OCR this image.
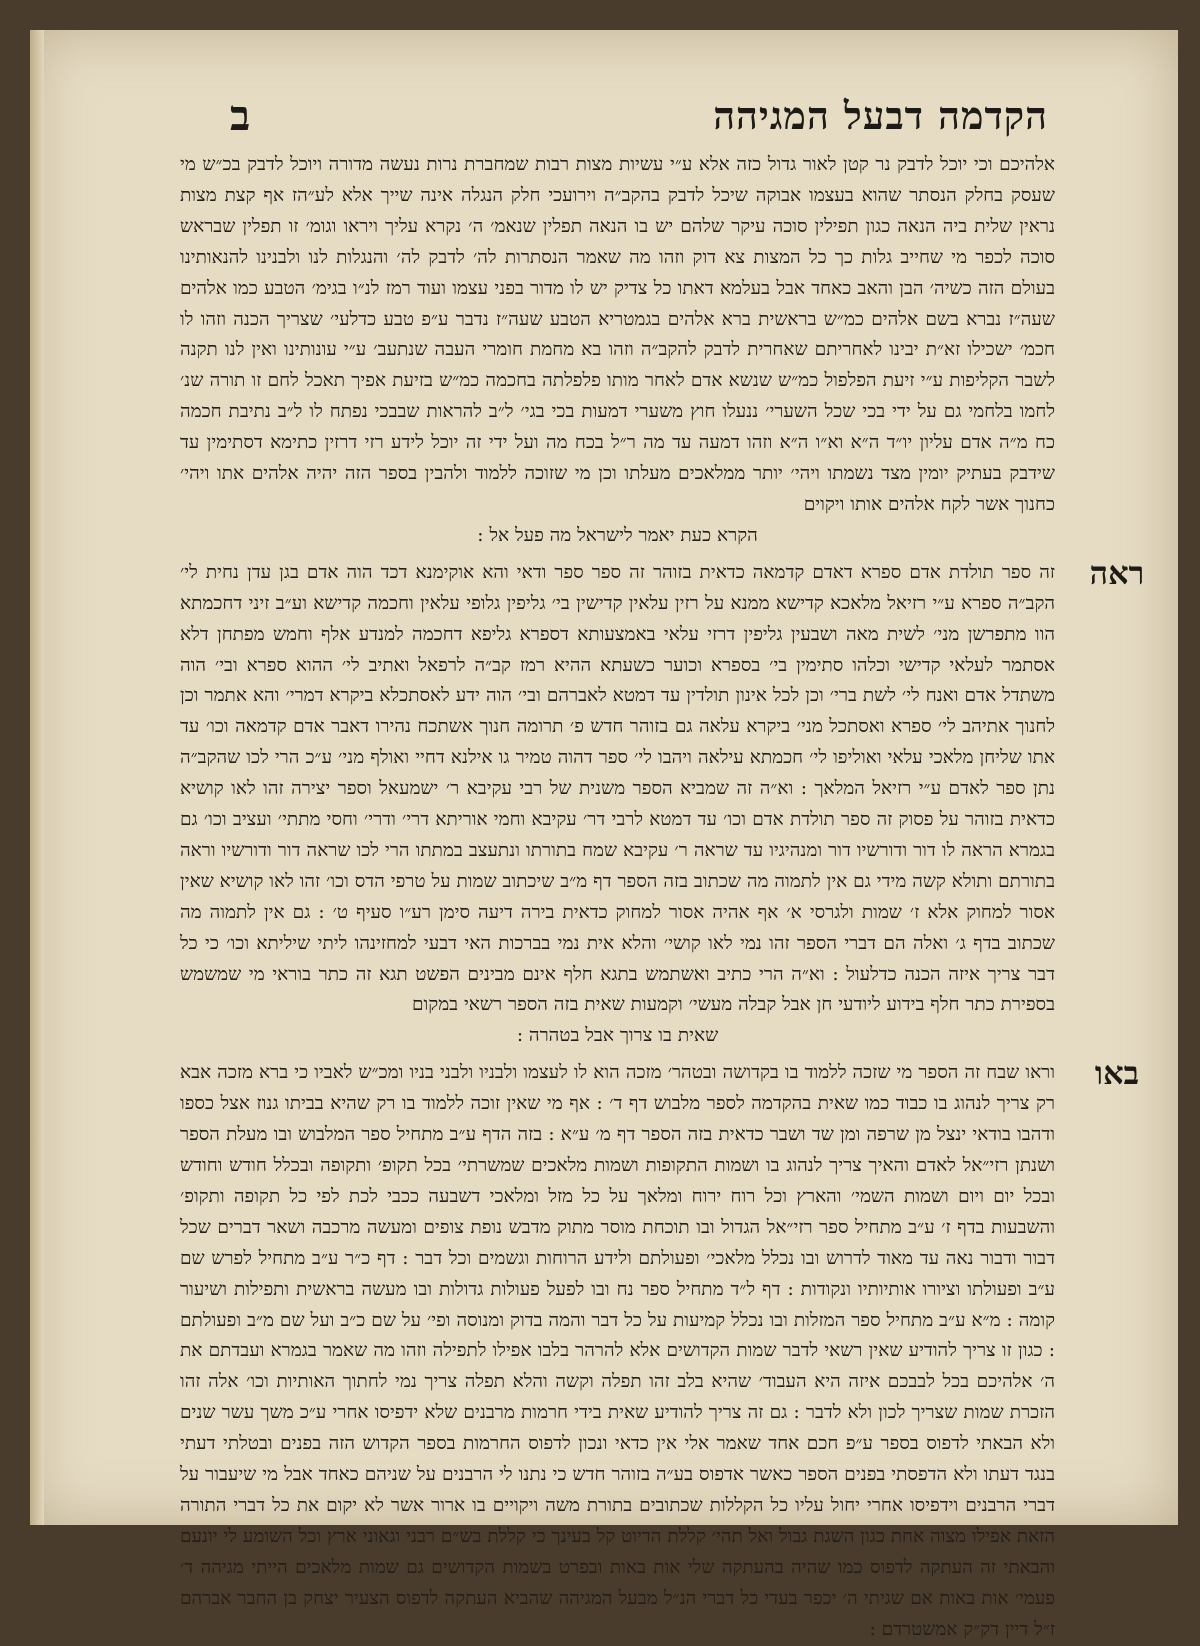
הקדמה דבעל המגיהה
ב

אלהיכם וכי יוכל לדבק נר קטן לאור גדול כזה אלא ע״י עשיות מצות רבות שמחברת נרות נעשה מדורה ויוכל לדבק בכ״ש מי שעסק בחלק הנסתר שהוא בעצמו אבוקה שיכל לדבק בהקב״ה וירועכי חלק הנגלה אינה שייך אלא לע״הז אף קצת מצות נראין שלית ביה הנאה כגון תפילין סוכה עיקר שלהם יש בו הנאה תפלין שנאמ׳ ה׳ נקרא עליך ויראו וגומ׳ זו תפלין שבראש סוכה לכפר מי שחייב גלות כך כל המצות צא דוק וזהו מה שאמר הנסתרות לה׳ לדבק לה׳ והנגלות לנו ולבנינו להנאותינו בעולם הזה כשיה׳ הבן והאב כאחד אבל בעלמא דאתו כל צדיק יש לו מדור בפני עצמו ועוד רמז לנ״ו בגימ׳ הטבע כמו אלהים שעה״ז נברא בשם אלהים כמ״ש בראשית ברא אלהים בגמטריא הטבע שעה״ז נדבר ע״פ טבע כדלעי׳ שצריך הכנה וזהו לו חכמ׳ ישכילו זא״ת יבינו לאחריתם שאחרית לדבק להקב״ה וזהו בא מחמת חומרי העבה שנתעב׳ ע״י עונותינו ואין לנו תקנה לשבר הקליפות ע״י זיעת הפלפול כמ״ש שנשא אדם לאחר מותו פלפלתה בחכמה כמ״ש בזיעת אפיך תאכל לחם זו תורה שנ׳ לחמו בלחמי גם על ידי בכי שכל השערי׳ ננעלו חוץ משערי דמעות בכי בגי׳ ל״ב להראות שבבכי נפתח לו ל״ב נתיבת חכמה כח מ״ה אדם עליון יו״ד ה״א וא״ו ה״א וזהו דמעה עד מה ר״ל בכח מה ועל ידי זה יוכל לידע רזי דרזין כתימא דסתימין עד שידבק בעתיק יומין מצד נשמתו ויהי׳ יותר ממלאכים מעלתו וכן מי שזוכה ללמוד ולהבין בספר הזה יהיה אלהים אתו ויהי׳ כחנוך אשר לקח אלהים אותו ויקוים

הקרא כעת יאמר לישראל מה פעל אל :

ראה

זה ספר תולדת אדם ספרא דאדם קדמאה כדאית בזוהר זה ספר ספר ודאי והא אוקימנא דכד הוה אדם בגן עדן נחית לי׳ הקב״ה ספרא ע״י רזיאל מלאכא קדישא ממנא על רזין עלאין קדישין בי׳ גליפין גלופי עלאין וחכמה קדישא וע״ב זיני דחכמתא הוו מתפרשן מני׳ לשית מאה ושבעין גליפין דרזי עלאי באמצעותא דספרא גליפא דחכמה למנדע אלף וחמש מפתחן דלא אסתמר לעלאי קדישי וכלהו סתימין בי׳ בספרא וכוער כשעתא ההיא רמז קב״ה לרפאל ואתיב לי׳ ההוא ספרא ובי׳ הוה משתדל אדם ואנח לי׳ לשת ברי׳ וכן לכל אינון תולדין עד דמטא לאברהם ובי׳ הוה ידע לאסתכלא ביקרא דמרי׳ והא אתמר וכן לחנוך אתיהב לי׳ ספרא ואסתכל מני׳ ביקרא עלאה גם בזוהר חדש פ׳ תרומה חנוך אשתכח נהירו דאבר אדם קדמאה וכו׳ עד אתו שליחן מלאכי עלאי ואוליפו לי׳ חכמתא עילאה ויהבו לי׳ ספר דהוה טמיר גו אילנא דחיי ואולף מני׳ ע״כ הרי לכו שהקב״ה נתן ספר לאדם ע״י רזיאל המלאך : וא״ה זה שמביא הספר משנית של רבי עקיבא ר׳ ישמעאל וספר יצירה זהו לאו קושיא כדאית בזוהר על פסוק זה ספר תולדת אדם וכו׳ עד דמטא לרבי דר׳ עקיבא וחמי אוריתא דרי׳ ודרי׳ וחסי מתתי׳ ועציב וכו׳ גם בגמרא הראה לו דור ודורשיו דור ומנהיגיו עד שראה ר׳ עקיבא שמח בתורתו ונתעצב במתתו הרי לכו שראה דור ודורשיו וראה בתורתם ותולא קשה מידי גם אין לתמוה מה שכתוב בזה הספר דף מ״ב שיכתוב שמות על טרפי הדס וכו׳ זהו לאו קושיא שאין אסור למחוק אלא ז׳ שמות ולגרסי א׳ אף אהיה אסור למחוק כדאית בירה דיעה סימן רע״ו סעיף ט׳ : גם אין לתמוה מה שכתוב בדף ג׳ ואלה הם דברי הספר זהו נמי לאו קושי׳ והלא אית נמי בברכות האי דבעי למחזינהו ליתי שיליתא וכו׳ כי כל דבר צריך איזה הכנה כדלעול : וא״ה הרי כתיב ואשתמש בתגא חלף אינם מבינים הפשט תגא זה כתר בוראי מי שמשמש בספירת כתר חלף בידוע ליודעי חן אבל קבלה מעשי׳ וקמעות שאית בזה הספר רשאי במקום

שאית בו צרוך אבל בטהרה :

באו

וראו שבח זה הספר מי שזכה ללמוד בו בקדושה ובטהר׳ מזכה הוא לו לעצמו ולבניו ולבני בניו ומכ״ש לאביו כי ברא מזכה אבא רק צריך לנהוג בו כבוד כמו שאית בהקדמה לספר מלבוש דף ד׳ : אף מי שאין זוכה ללמוד בו רק שהיא בביתו גנוז אצל כספו ודהבו בודאי ינצל מן שרפה ומן שד ושבר כדאית בזה הספר דף מ׳ ע״א : בזה הדף ע״ב מתחיל ספר המלבוש ובו מעלת הספר ושנתן רזי״אל לאדם והאיך צריך לנהוג בו ושמות התקופות ושמות מלאכים שמשרתי׳ בכל תקופ׳ ותקופה ובכלל חודש וחודש ובכל יום ויום ושמות השמי׳ והארץ וכל רוח ירוח ומלאך על כל מזל ומלאכי דשבעה ככבי לכת לפי כל תקופה ותקופ׳ והשבעות בדף ז׳ ע״ב מתחיל ספר רזי״אל הגדול ובו תוכחת מוסר מתוק מדבש נופת צופים ומעשה מרכבה ושאר דברים שכל דבור ודבור נאה עד מאוד לדרוש ובו נכלל מלאכי׳ ופעולתם ולידע הרוחות וגשמים וכל דבר : דף כ״ר ע״ב מתחיל לפרש שם ע״ב ופעולתו וציורו אותיותיו ונקודות : דף ל״ד מתחיל ספר נח ובו לפעל פעולות גדולות ובו מעשה בראשית ותפילות ושיעור קומה : מ״א ע״ב מתחיל ספר המזלות ובו נכלל קמיעות על כל דבר והמה בדוק ומנוסה ופי׳ על שם כ״ב ועל שם מ״ב ופעולתם : כגון זו צריך להודיע שאין רשאי לדבר שמות הקדושים אלא להרהר בלבו אפילו לתפילה וזהו מה שאמר בגמרא ועבדתם את ה׳ אלהיכם בכל לבבכם איזה היא העבוד׳ שהיא בלב זהו תפלה וקשה והלא תפלה צריך נמי לחתוך האותיות וכו׳ אלה זהו הזכרת שמות שצריך לכון ולא לדבר : גם זה צריך להודיע שאית בידי חרמות מרבנים שלא ידפיסו אחרי ע״כ משך עשר שנים ולא הבאתי לדפוס בספר ע״פ חכם אחד שאמר אלי אין כדאי ונכון לדפוס החרמות בספר הקדוש הזה בפנים ובטלתי דעתי בנגד דעתו ולא הדפסתי בפנים הספר כאשר אדפוס בע״ה בזוהר חדש כי נתנו לי הרבנים על שניהם כאחד אבל מי שיעבור על דברי הרבנים וידפיסו אחרי יחול עליו כל הקללות שכתובים בתורת משה ויקויים בו ארור אשר לא יקום את כל דברי התורה הזאת אפילו מצוה אחת כגון השגת גבול ואל תהי׳ קללת הדיוט קל בעינך כי קללת בש״ם רבני וגאוני ארץ וכל השומע לי יונעם והבאתי זה העתקה לדפוס כמו שהיה בהעתקה שלי אות באות ובפרט בשמות הקדושים גם שמות מלאכים הייתי מגיהה ד׳ פעמי׳ אות באות אם שגיתי ה׳ יכפר בעדי כל דברי הנ״ל מבעל המגיהה שהביא העתקה לדפוס הצעיר יצחק בן החבר אברהם ז״ל דיין דק״ק אמשטרדם :
